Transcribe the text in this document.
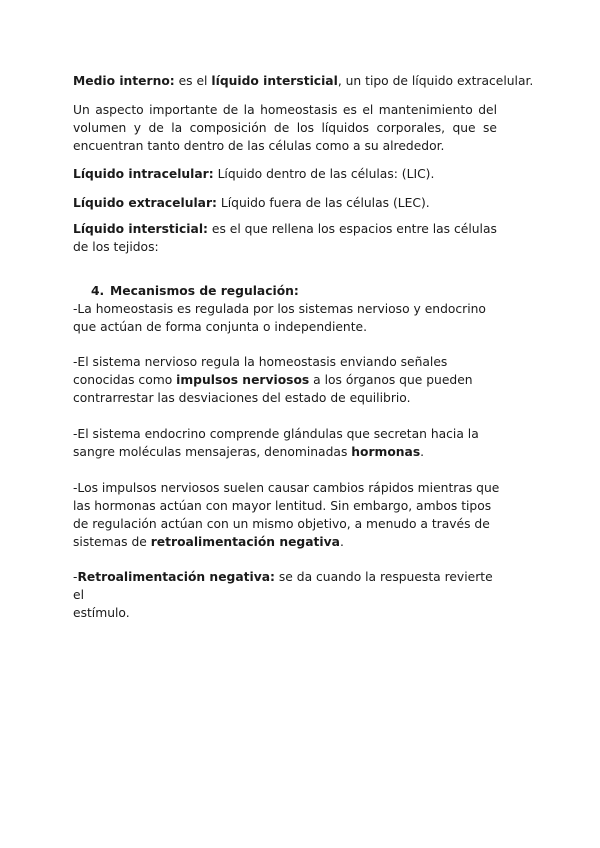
Medio interno: es el líquido intersticial, un tipo de líquido extracelular.

Un aspecto importante de la homeostasis es el mantenimiento del volumen y de la composición de los líquidos corporales, que se encuentran tanto dentro de las células como a su alrededor.

Líquido intracelular: Líquido dentro de las células: (LIC).

Líquido extracelular: Líquido fuera de las células (LEC).

Líquido intersticial: es el que rellena los espacios entre las células
de los tejidos:

4. Mecanismos de regulación:

-La homeostasis es regulada por los sistemas nervioso y endocrino
que actúan de forma conjunta o independiente.

-El sistema nervioso regula la homeostasis enviando señales
conocidas como impulsos nerviosos a los órganos que pueden
contrarrestar las desviaciones del estado de equilibrio.

-El sistema endocrino comprende glándulas que secretan hacia la
sangre moléculas mensajeras, denominadas hormonas.

-Los impulsos nerviosos suelen causar cambios rápidos mientras que
las hormonas actúan con mayor lentitud. Sin embargo, ambos tipos
de regulación actúan con un mismo objetivo, a menudo a través de
sistemas de retroalimentación negativa.

-Retroalimentación negativa: se da cuando la respuesta revierte el
estímulo.
